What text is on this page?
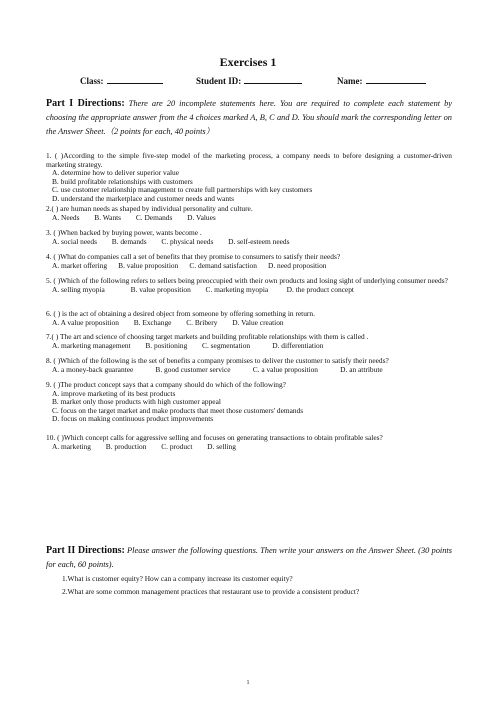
Exercises 1
Class:	Student ID:	Name:
Part I Directions: There are 20 incomplete statements here. You are required to complete each statement by choosing the appropriate answer from the 4 choices marked A, B, C and D. You should mark the corresponding letter on the Answer Sheet.（2 points for each, 40 points）
1. ( )According to the simple five-step model of the marketing process, a company needs to before designing a customer-driven marketing strategy.
A. determine how to deliver superior value
B. build profitable relationships with customers
C. use customer relationship management to create full partnerships with key customers
D. understand the marketplace and customer needs and wants
2.( ) are human needs as shaped by individual personality and culture.
A. Needs        B. Wants        C. Demands        D. Values
3. ( )When backed by buying power, wants become .
A. social needs        B. demands        C. physical needs        D. self-esteem needs
4. ( )What do companies call a set of benefits that they promise to consumers to satisfy their needs?
A. market offering      B. value proposition      C. demand satisfaction      D. need proposition
5. ( )Which of the following refers to sellers being preoccupied with their own products and losing sight of underlying consumer needs?
A. selling myopia              B. value proposition        C. marketing myopia          D. the product concept
6. ( ) is the act of obtaining a desired object from someone by offering something in return.
A. A value proposition        B. Exchange        C. Bribery        D. Value creation
7.( ) The art and science of choosing target markets and building profitable relationships with them is called .
A. marketing management        B. positioning        C. segmentation            D. differentiation
8. ( )Which of the following is the set of benefits a company promises to deliver the customer to satisfy their needs?
A. a money-back guarantee            B. good customer service            C. a value proposition            D. an attribute
9. ( )The product concept says that a company should do which of the following?
A. improve marketing of its best products
B. market only those products with high customer appeal
C. focus on the target market and make products that meet those customers' demands
D. focus on making continuous product improvements
10. ( )Which concept calls for aggressive selling and focuses on generating transactions to obtain profitable sales?
A. marketing        B. production        C. product        D. selling
Part II Directions: Please answer the following questions. Then write your answers on the Answer Sheet. (30 points for each, 60 points).
1.What is customer equity? How can a company increase its customer equity?
2.What are some common management practices that restaurant use to provide a consistent product?
1
